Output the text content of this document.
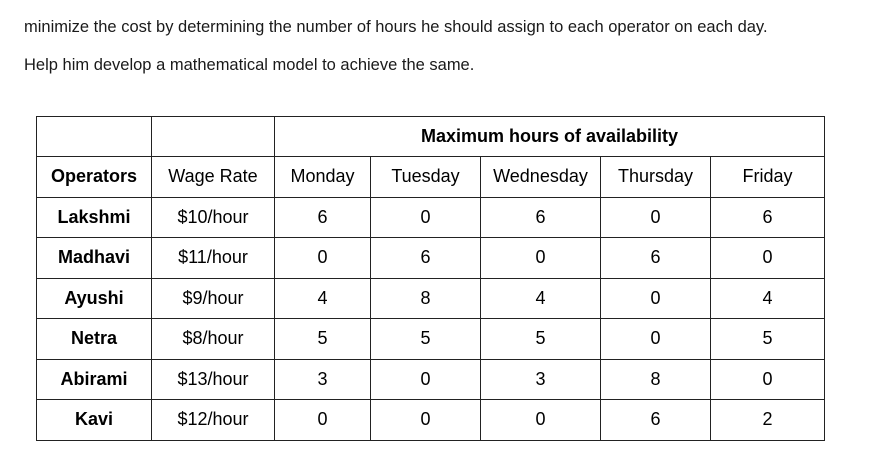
minimize the cost by determining the number of hours he should assign to each operator on each day.
Help him develop a mathematical model to achieve the same.
		Maximum hours of availability				
Operators	Wage Rate	Monday	Tuesday	Wednesday	Thursday	Friday
Lakshmi	$10/hour	6	0	6	0	6
Madhavi	$11/hour	0	6	0	6	0
Ayushi	$9/hour	4	8	4	0	4
Netra	$8/hour	5	5	5	0	5
Abirami	$13/hour	3	0	3	8	0
Kavi	$12/hour	0	0	0	6	2
